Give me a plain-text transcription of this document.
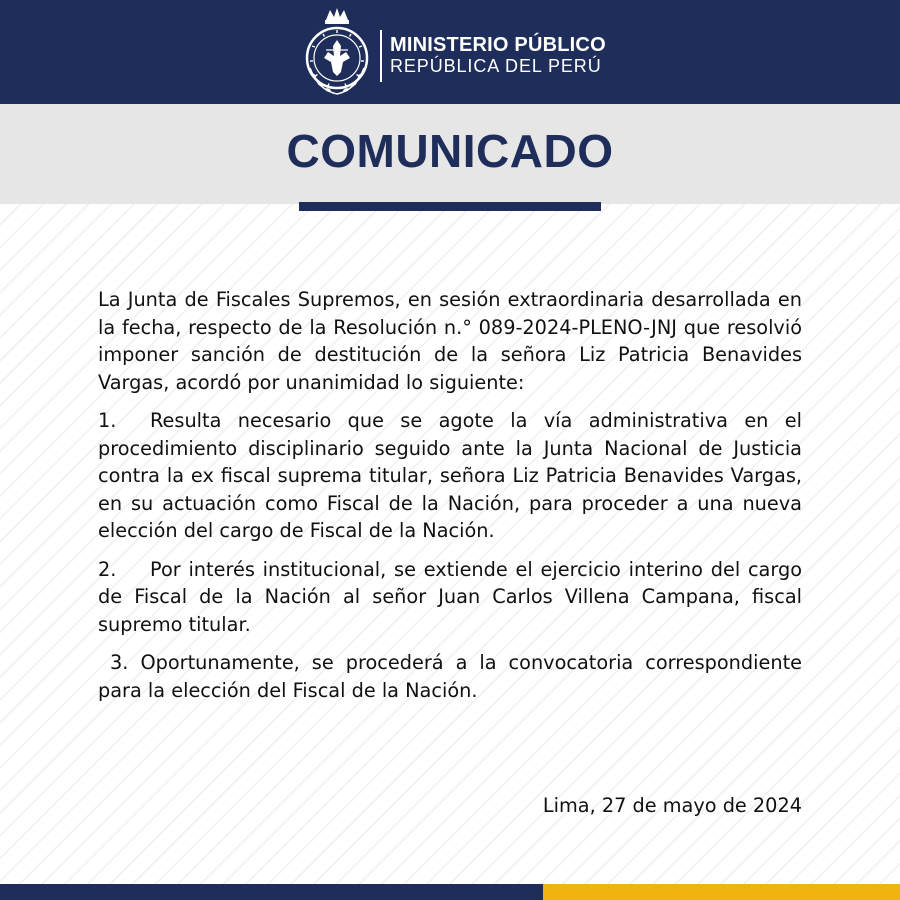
MINISTERIO PÚBLICO
REPÚBLICA DEL PERÚ
COMUNICADO

La Junta de Fiscales Supremos, en sesión extraordinaria desarrollada en la fecha, respecto de la Resolución n.° 089-2024-PLENO-JNJ que resolvió imponer sanción de destitución de la señora Liz Patricia Benavides Vargas, acordó por unanimidad lo siguiente:

1. Resulta necesario que se agote la vía administrativa en el procedimiento disciplinario seguido ante la Junta Nacional de Justicia contra la ex fiscal suprema titular, señora Liz Patricia Benavides Vargas, en su actuación como Fiscal de la Nación, para proceder a una nueva elección del cargo de Fiscal de la Nación.

2. Por interés institucional, se extiende el ejercicio interino del cargo de Fiscal de la Nación al señor Juan Carlos Villena Campana, fiscal supremo titular.

3. Oportunamente, se procederá a la convocatoria correspondiente para la elección del Fiscal de la Nación.

Lima, 27 de mayo de 2024
